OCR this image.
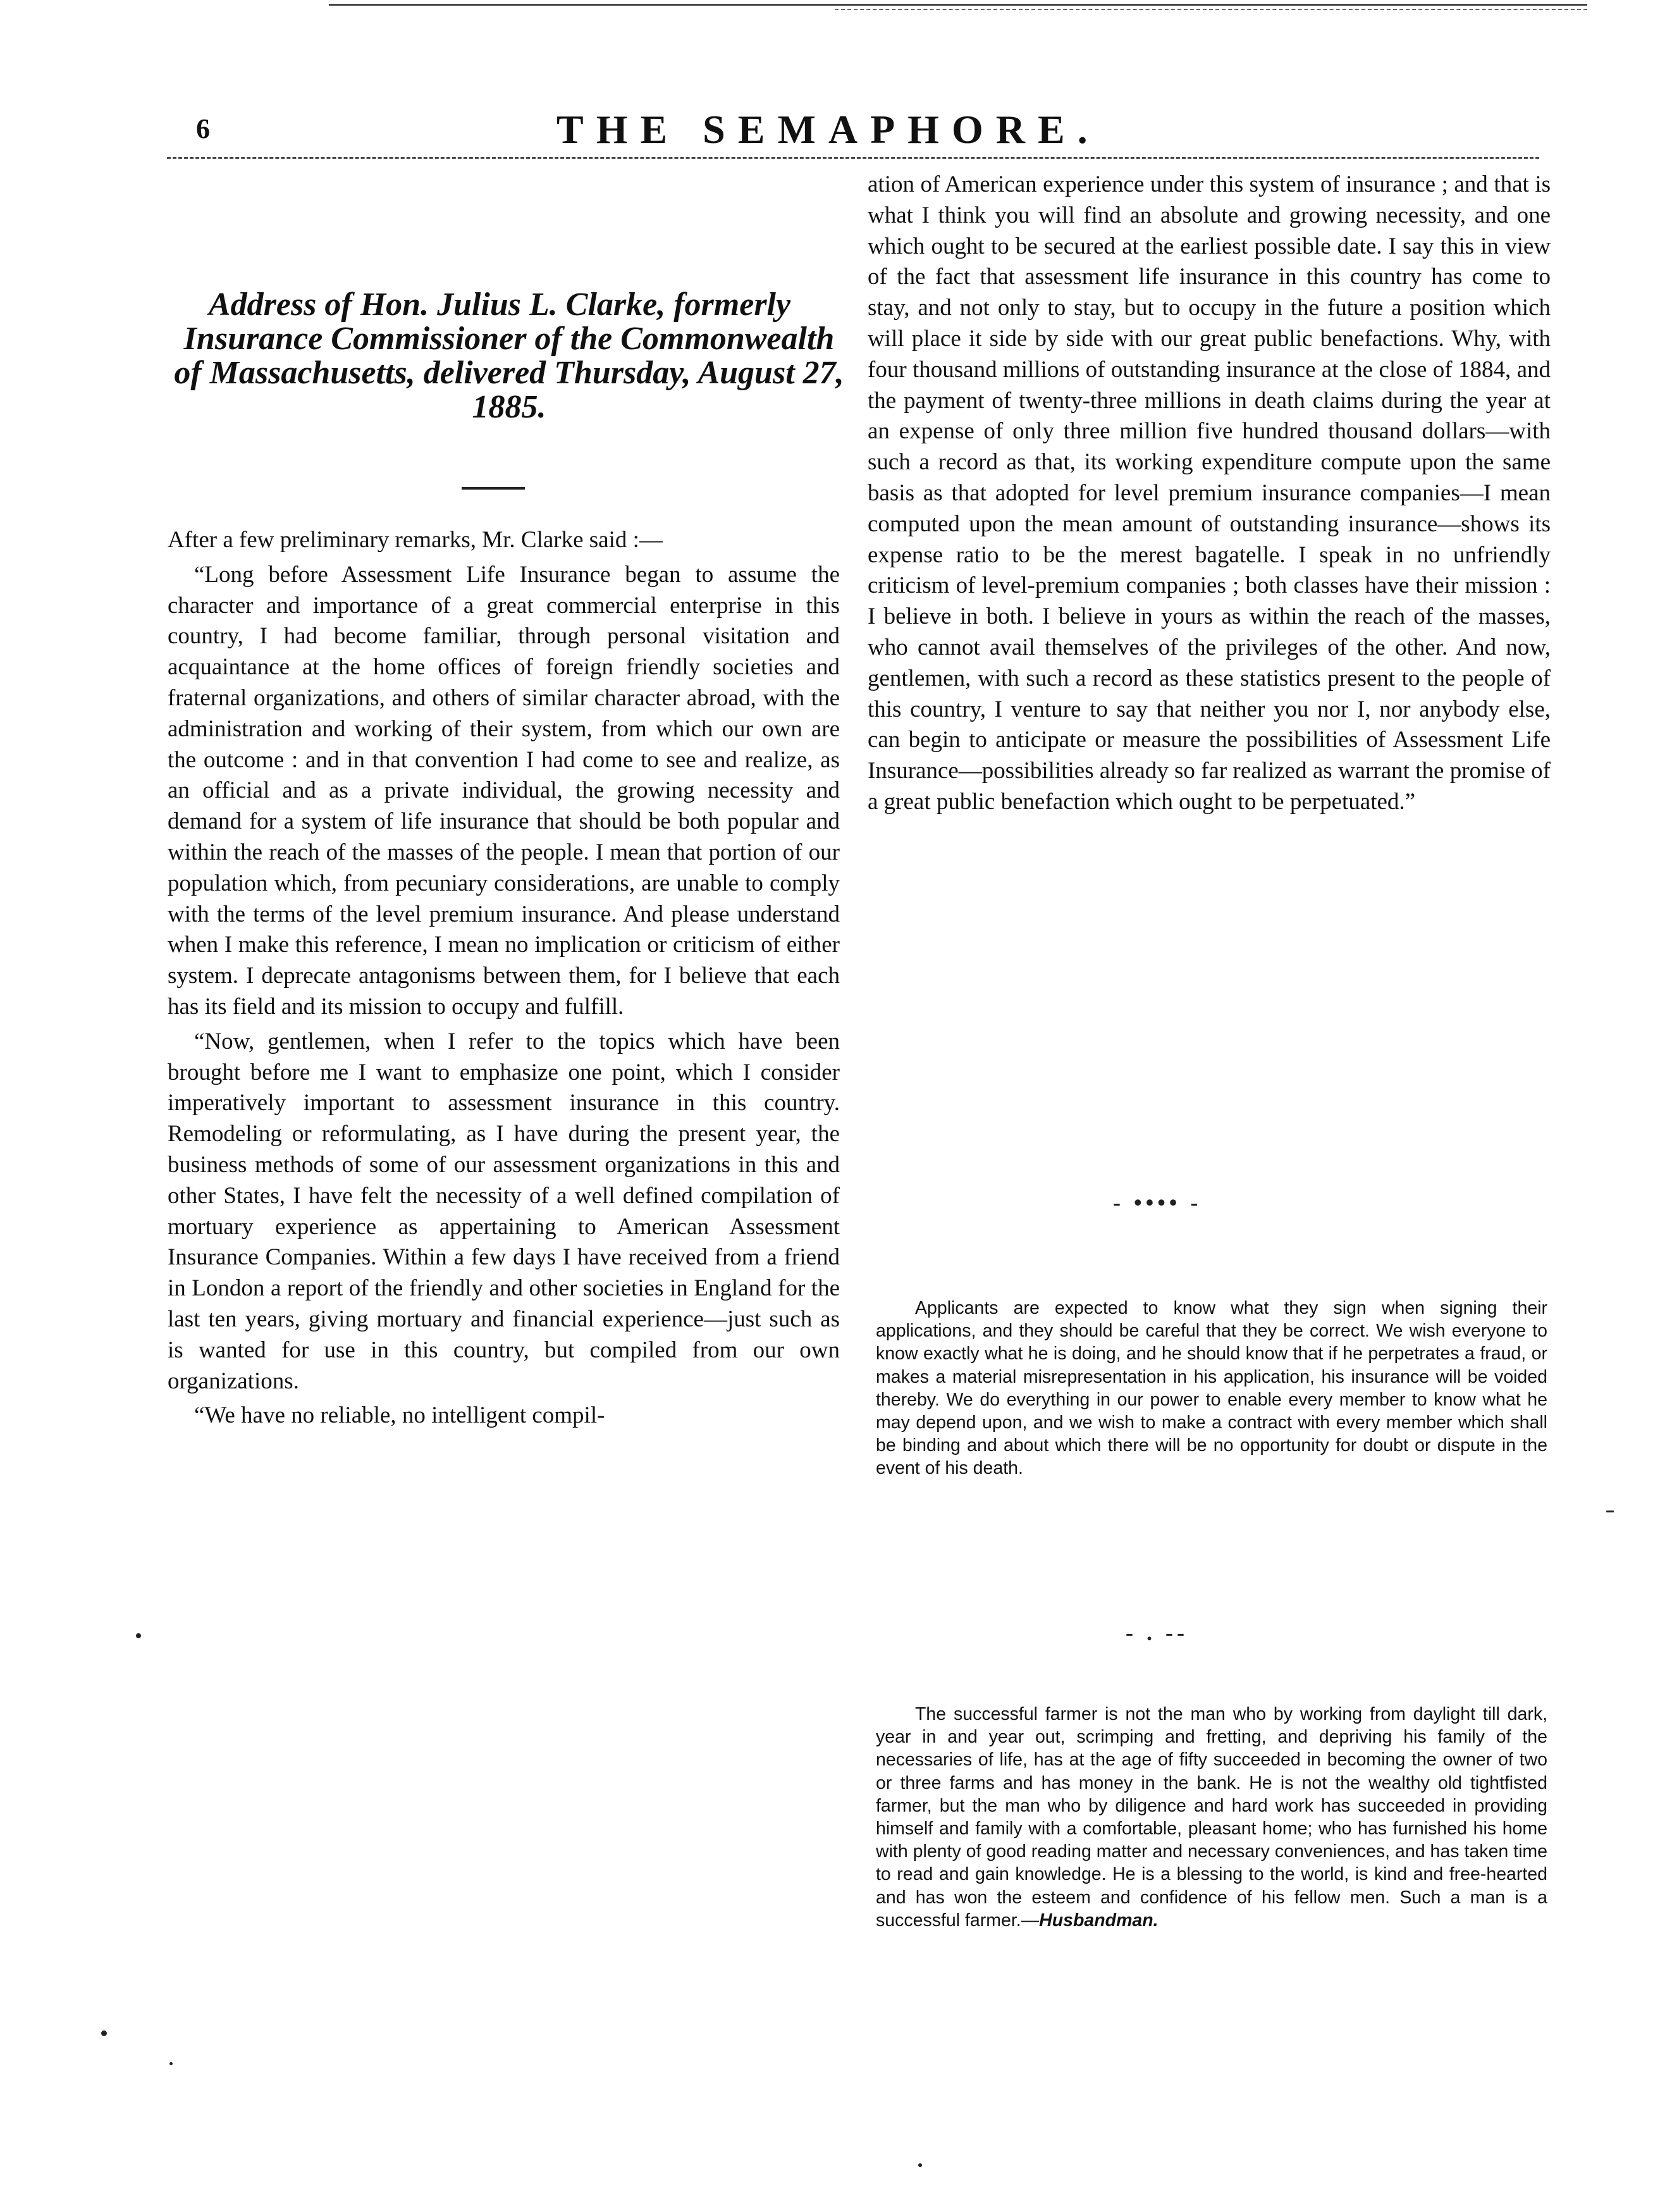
6	THE SEMAPHORE.
Address of Hon. Julius L. Clarke, formerly Insurance Commissioner of the Commonwealth of Massachusetts, delivered Thursday, August 27, 1885.

After a few preliminary remarks, Mr. Clarke said :—

“Long before Assessment Life Insurance began to assume the character and importance of a great commercial enterprise in this country, I had become familiar, through personal visitation and acquaintance at the home offices of foreign friendly societies and fraternal organizations, and others of similar character abroad, with the administration and working of their system, from which our own are the outcome : and in that convention I had come to see and realize, as an official and as a private individual, the growing necessity and demand for a system of life insurance that should be both popular and within the reach of the masses of the people. I mean that portion of our population which, from pecuniary considerations, are unable to comply with the terms of the level premium insurance. And please understand when I make this reference, I mean no implication or criticism of either system. I deprecate antagonisms between them, for I believe that each has its field and its mission to occupy and fulfill.

“Now, gentlemen, when I refer to the topics which have been brought before me I want to emphasize one point, which I consider imperatively important to assessment insurance in this country. Remodeling or reformulating, as I have during the present year, the business methods of some of our assessment organizations in this and other States, I have felt the necessity of a well defined compilation of mortuary experience as appertaining to American Assessment Insurance Companies. Within a few days I have received from a friend in London a report of the friendly and other societies in England for the last ten years, giving mortuary and financial experience—just such as is wanted for use in this country, but compiled from our own organizations.

“We have no reliable, no intelligent compil-

ation of American experience under this system of insurance ; and that is what I think you will find an absolute and growing necessity, and one which ought to be secured at the earliest possible date. I say this in view of the fact that assessment life insurance in this country has come to stay, and not only to stay, but to occupy in the future a position which will place it side by side with our great public benefactions. Why, with four thousand millions of outstanding insurance at the close of 1884, and the payment of twenty-three millions in death claims during the year at an expense of only three million five hundred thousand dollars—with such a record as that, its working expenditure compute upon the same basis as that adopted for level premium insurance companies—I mean computed upon the mean amount of outstanding insurance—shows its expense ratio to be the merest bagatelle. I speak in no unfriendly criticism of level-premium companies ; both classes have their mission : I believe in both. I believe in yours as within the reach of the masses, who cannot avail themselves of the privileges of the other. And now, gentlemen, with such a record as these statistics present to the people of this country, I venture to say that neither you nor I, nor anybody else, can begin to anticipate or measure the possibilities of Assessment Life Insurance—possibilities already so far realized as warrant the promise of a great public benefaction which ought to be perpetuated.”

- •••• -

Applicants are expected to know what they sign when signing their applications, and they should be careful that they be correct. We wish everyone to know exactly what he is doing, and he should know that if he perpetrates a fraud, or makes a material misrepresentation in his application, his insurance will be voided thereby. We do everything in our power to enable every member to know what he may depend upon, and we wish to make a contract with every member which shall be binding and about which there will be no opportunity for doubt or dispute in the event of his death.

- . --

The successful farmer is not the man who by working from daylight till dark, year in and year out, scrimping and fretting, and depriving his family of the necessaries of life, has at the age of fifty succeeded in becoming the owner of two or three farms and has money in the bank. He is not the wealthy old tightfisted farmer, but the man who by diligence and hard work has succeeded in providing himself and family with a comfortable, pleasant home; who has furnished his home with plenty of good reading matter and necessary conveniences, and has taken time to read and gain knowledge. He is a blessing to the world, is kind and free-hearted and has won the esteem and confidence of his fellow men. Such a man is a successful farmer.—Husbandman.
